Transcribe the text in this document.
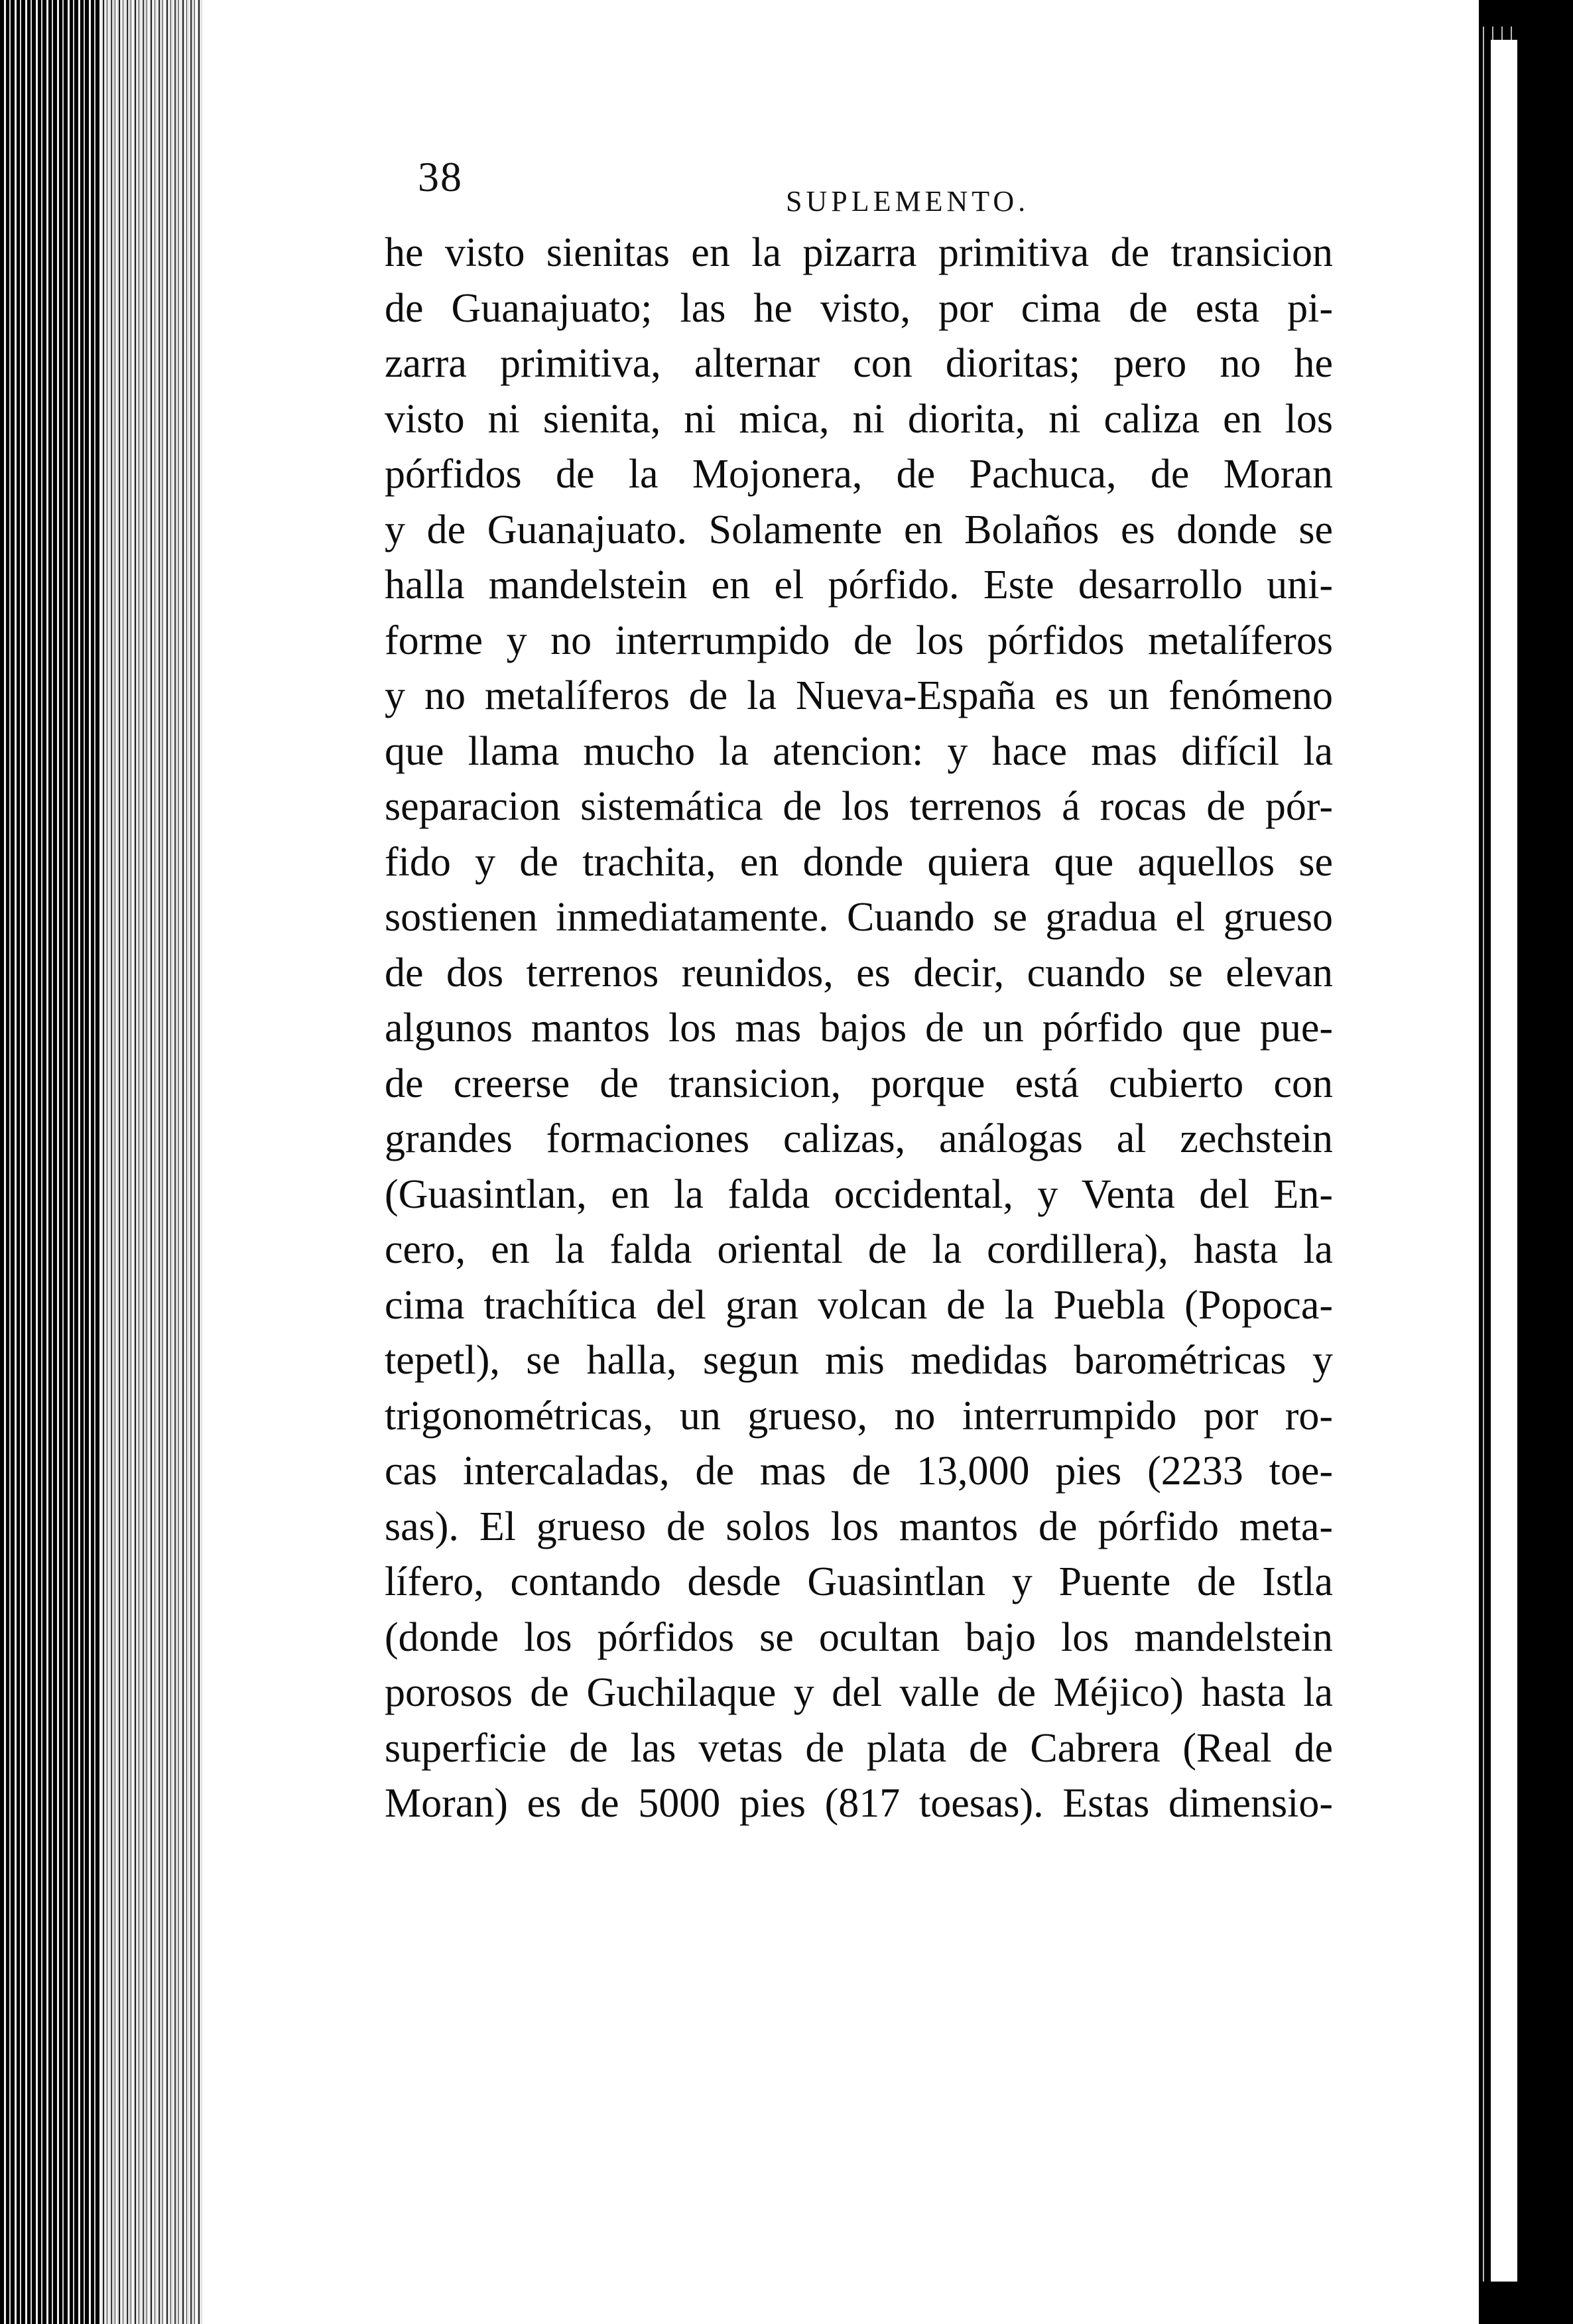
38
SUPLEMENTO.
he visto sienitas en la pizarra primitiva de transicion
de Guanajuato; las he visto, por cima de esta pi-
zarra primitiva, alternar con dioritas; pero no he
visto ni sienita, ni mica, ni diorita, ni caliza en los
pórfidos de la Mojonera, de Pachuca, de Moran
y de Guanajuato. Solamente en Bolaños es donde se
halla mandelstein en el pórfido. Este desarrollo uni-
forme y no interrumpido de los pórfidos metalíferos
y no metalíferos de la Nueva-España es un fenómeno
que llama mucho la atencion: y hace mas difícil la
separacion sistemática de los terrenos á rocas de pór-
fido y de trachita, en donde quiera que aquellos se
sostienen inmediatamente. Cuando se gradua el grueso
de dos terrenos reunidos, es decir, cuando se elevan
algunos mantos los mas bajos de un pórfido que pue-
de creerse de transicion, porque está cubierto con
grandes formaciones calizas, análogas al zechstein
(Guasintlan, en la falda occidental, y Venta del En-
cero, en la falda oriental de la cordillera), hasta la
cima trachítica del gran volcan de la Puebla (Popoca-
tepetl), se halla, segun mis medidas barométricas y
trigonométricas, un grueso, no interrumpido por ro-
cas intercaladas, de mas de 13,000 pies (2233 toe-
sas). El grueso de solos los mantos de pórfido meta-
lífero, contando desde Guasintlan y Puente de Istla
(donde los pórfidos se ocultan bajo los mandelstein
porosos de Guchilaque y del valle de Méjico) hasta la
superficie de las vetas de plata de Cabrera (Real de
Moran) es de 5000 pies (817 toesas). Estas dimensio-
